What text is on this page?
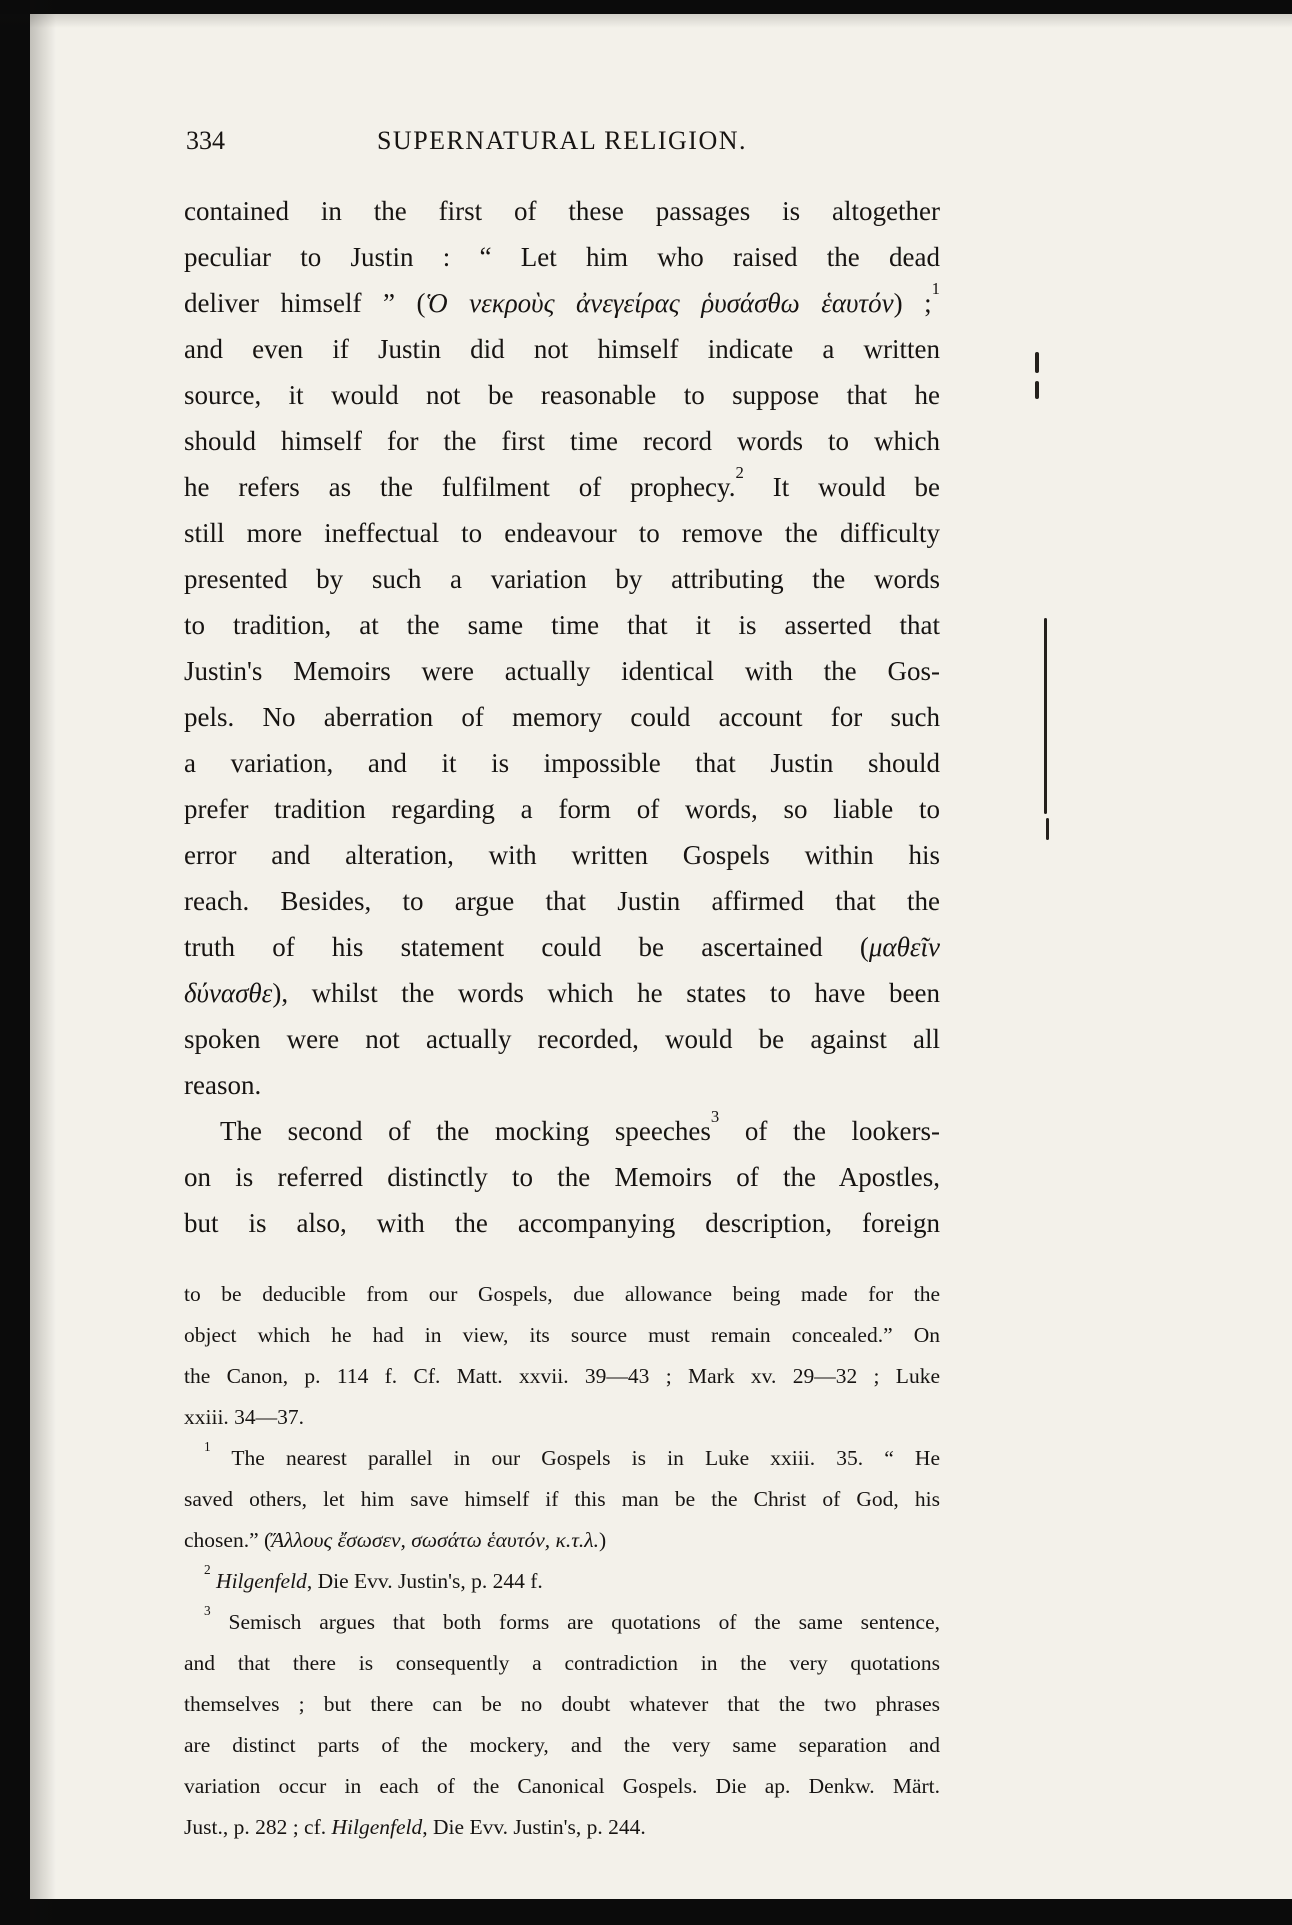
334	SUPERNATURAL RELIGION.
contained in the first of these passages is altogether
peculiar to Justin : “ Let him who raised the dead
deliver himself ” (Ὁ νεκροὺς ἀνεγείρας ῥυσάσθω ἑαυτόν) ;$^1$
and even if Justin did not himself indicate a written
source, it would not be reasonable to suppose that he
should himself for the first time record words to which
he refers as the fulfilment of prophecy.$^2$ It would be
still more ineffectual to endeavour to remove the difficulty
presented by such a variation by attributing the words
to tradition, at the same time that it is asserted that
Justin's Memoirs were actually identical with the Gos-
pels. No aberration of memory could account for such
a variation, and it is impossible that Justin should
prefer tradition regarding a form of words, so liable to
error and alteration, with written Gospels within his
reach. Besides, to argue that Justin affirmed that the
truth of his statement could be ascertained (μαθεῖν
δύνασθε), whilst the words which he states to have been
spoken were not actually recorded, would be against all
reason.
The second of the mocking speeches$^3$ of the lookers-
on is referred distinctly to the Memoirs of the Apostles,
but is also, with the accompanying description, foreign
to be deducible from our Gospels, due allowance being made for the
object which he had in view, its source must remain concealed.” On
the Canon, p. 114 f. Cf. Matt. xxvii. 39—43 ; Mark xv. 29—32 ; Luke
xxiii. 34—37.
$^1$ The nearest parallel in our Gospels is in Luke xxiii. 35. “ He
saved others, let him save himself if this man be the Christ of God, his
chosen.” (Ἄλλους ἔσωσεν, σωσάτω ἑαυτόν, κ.τ.λ.)
$^2$ Hilgenfeld, Die Evv. Justin's, p. 244 f.
$^3$ Semisch argues that both forms are quotations of the same sentence,
and that there is consequently a contradiction in the very quotations
themselves ; but there can be no doubt whatever that the two phrases
are distinct parts of the mockery, and the very same separation and
variation occur in each of the Canonical Gospels. Die ap. Denkw. Märt.
Just., p. 282 ; cf. Hilgenfeld, Die Evv. Justin's, p. 244.
